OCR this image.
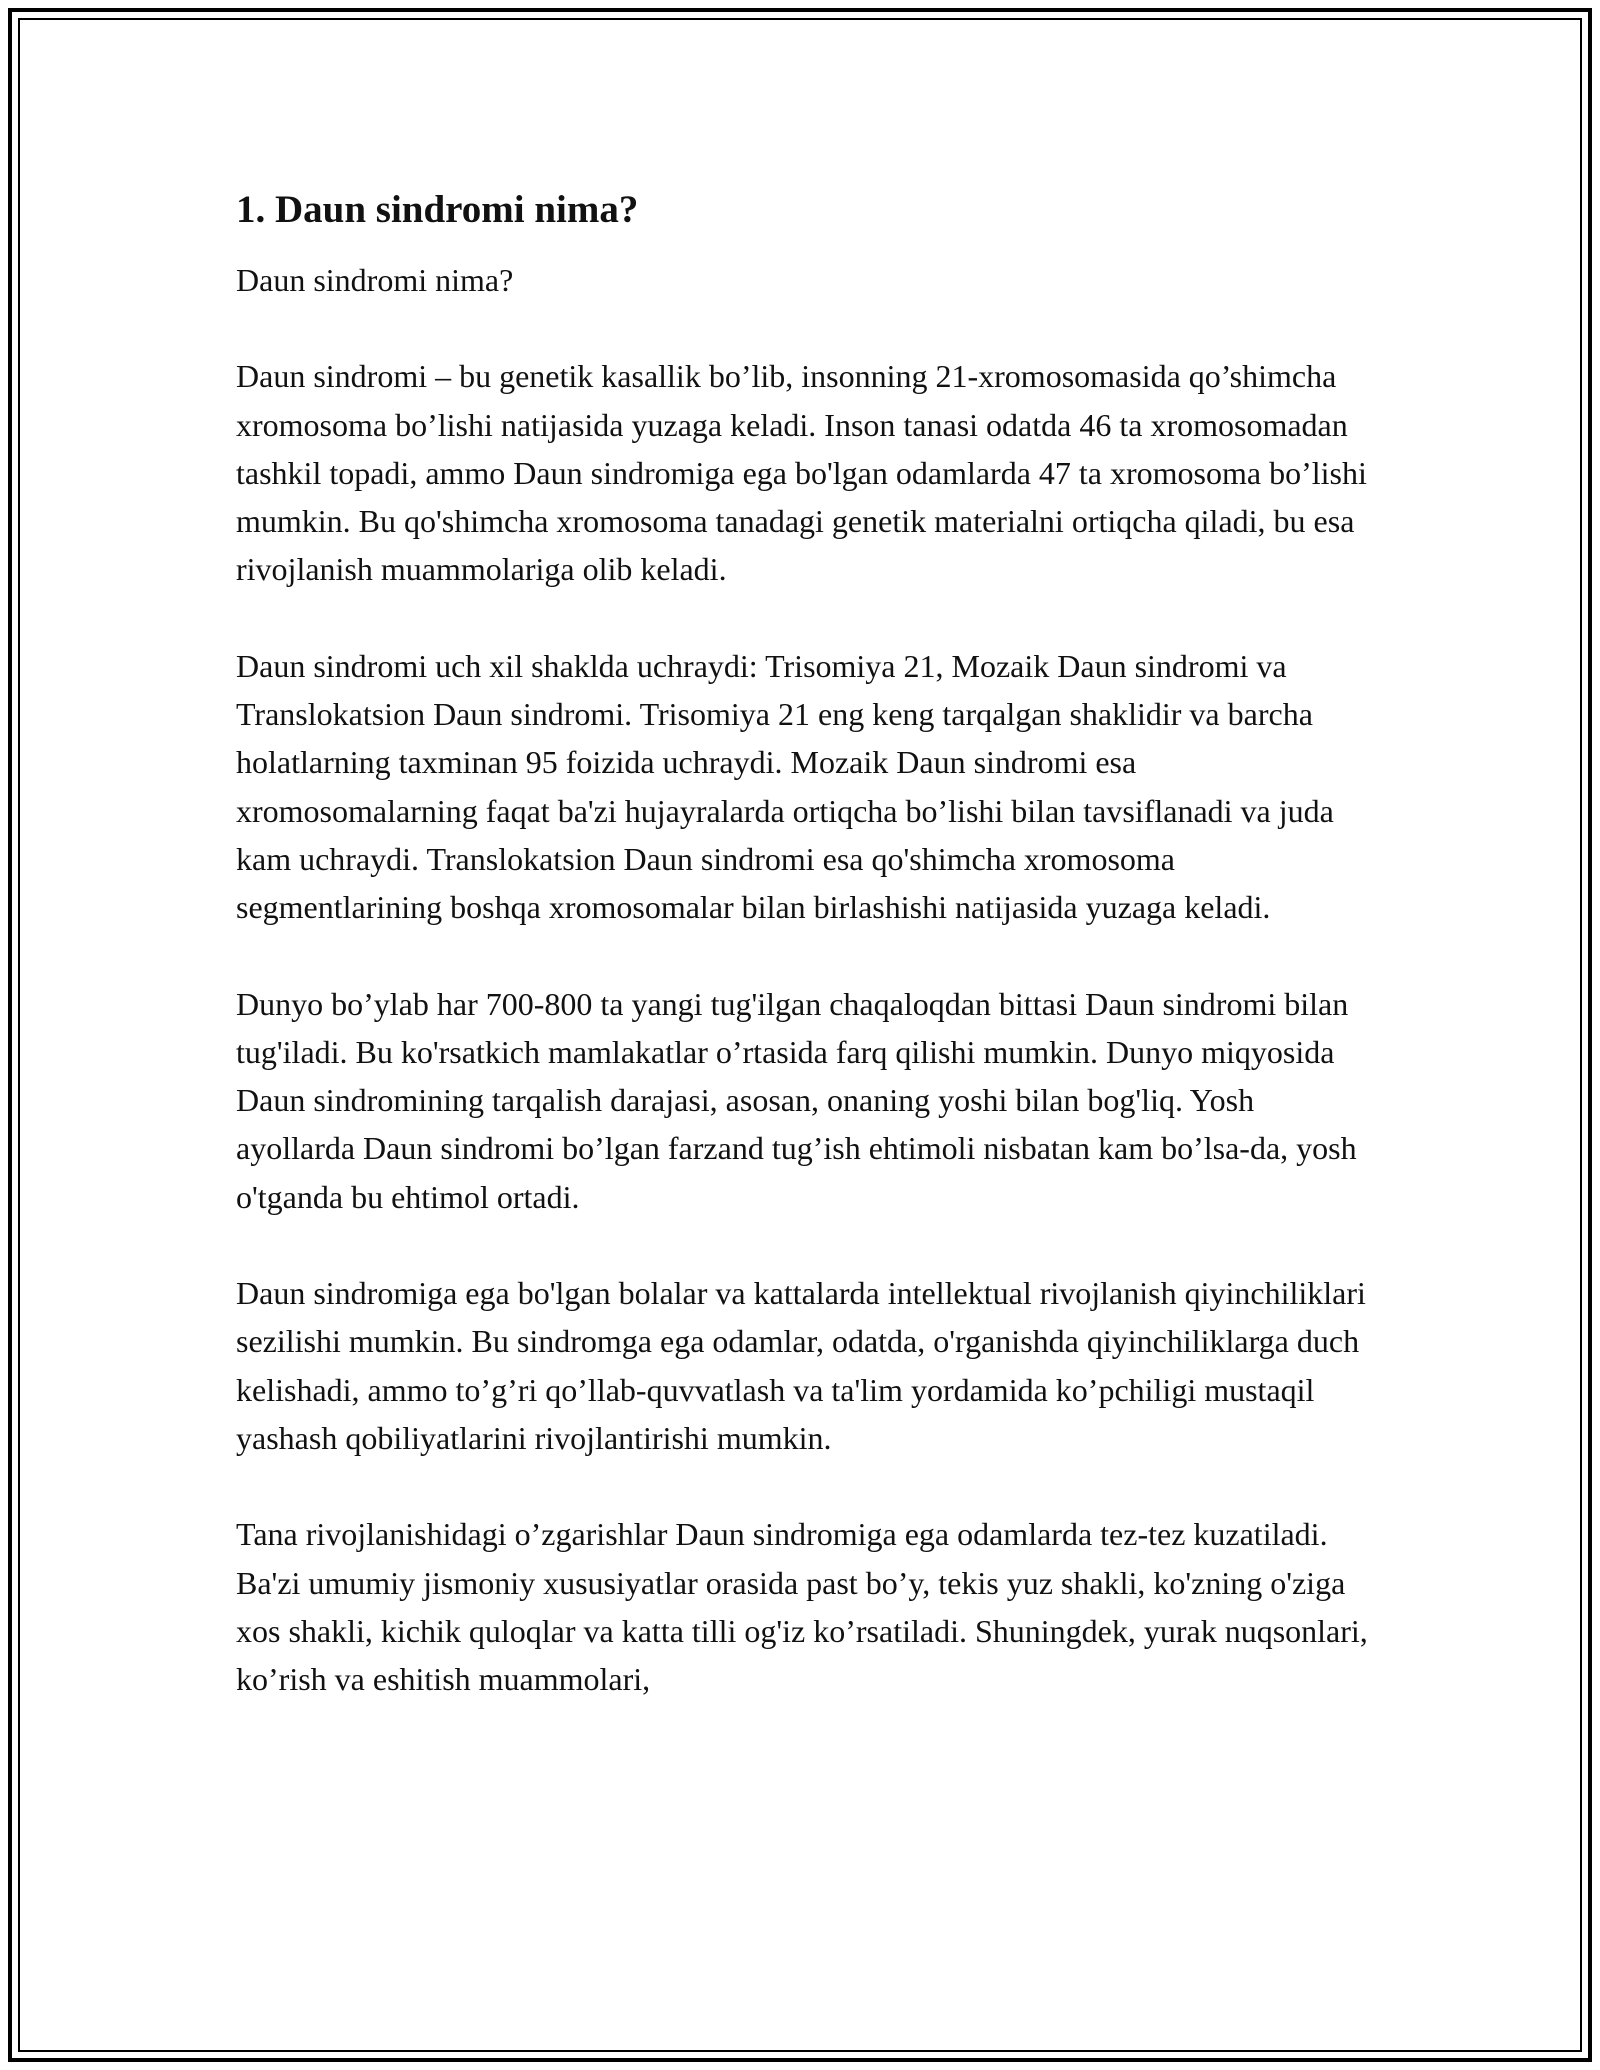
1. Daun sindromi nima?

Daun sindromi nima?

Daun sindromi – bu genetik kasallik bo’lib, insonning 21-xromosomasida qo’shimcha xromosoma bo’lishi natijasida yuzaga keladi. Inson tanasi odatda 46 ta xromosomadan tashkil topadi, ammo Daun sindromiga ega bo'lgan odamlarda 47 ta xromosoma bo’lishi mumkin. Bu qo'shimcha xromosoma tanadagi genetik materialni ortiqcha qiladi, bu esa rivojlanish muammolariga olib keladi.

Daun sindromi uch xil shaklda uchraydi: Trisomiya 21, Mozaik Daun sindromi va Translokatsion Daun sindromi. Trisomiya 21 eng keng tarqalgan shaklidir va barcha holatlarning taxminan 95 foizida uchraydi. Mozaik Daun sindromi esa xromosomalarning faqat ba'zi hujayralarda ortiqcha bo’lishi bilan tavsiflanadi va juda kam uchraydi. Translokatsion Daun sindromi esa qo'shimcha xromosoma segmentlarining boshqa xromosomalar bilan birlashishi natijasida yuzaga keladi.

Dunyo bo’ylab har 700-800 ta yangi tug'ilgan chaqaloqdan bittasi Daun sindromi bilan tug'iladi. Bu ko'rsatkich mamlakatlar o’rtasida farq qilishi mumkin. Dunyo miqyosida Daun sindromining tarqalish darajasi, asosan, onaning yoshi bilan bog'liq. Yosh ayollarda Daun sindromi bo’lgan farzand tug’ish ehtimoli nisbatan kam bo’lsa-da, yosh o'tganda bu ehtimol ortadi.

Daun sindromiga ega bo'lgan bolalar va kattalarda intellektual rivojlanish qiyinchiliklari sezilishi mumkin. Bu sindromga ega odamlar, odatda, o'rganishda qiyinchiliklarga duch kelishadi, ammo to’g’ri qo’llab-quvvatlash va ta'lim yordamida ko’pchiligi mustaqil yashash qobiliyatlarini rivojlantirishi mumkin.

Tana rivojlanishidagi o’zgarishlar Daun sindromiga ega odamlarda tez-tez kuzatiladi. Ba'zi umumiy jismoniy xususiyatlar orasida past bo’y, tekis yuz shakli, ko'zning o'ziga xos shakli, kichik quloqlar va katta tilli og'iz ko’rsatiladi. Shuningdek, yurak nuqsonlari, ko’rish va eshitish muammolari,
